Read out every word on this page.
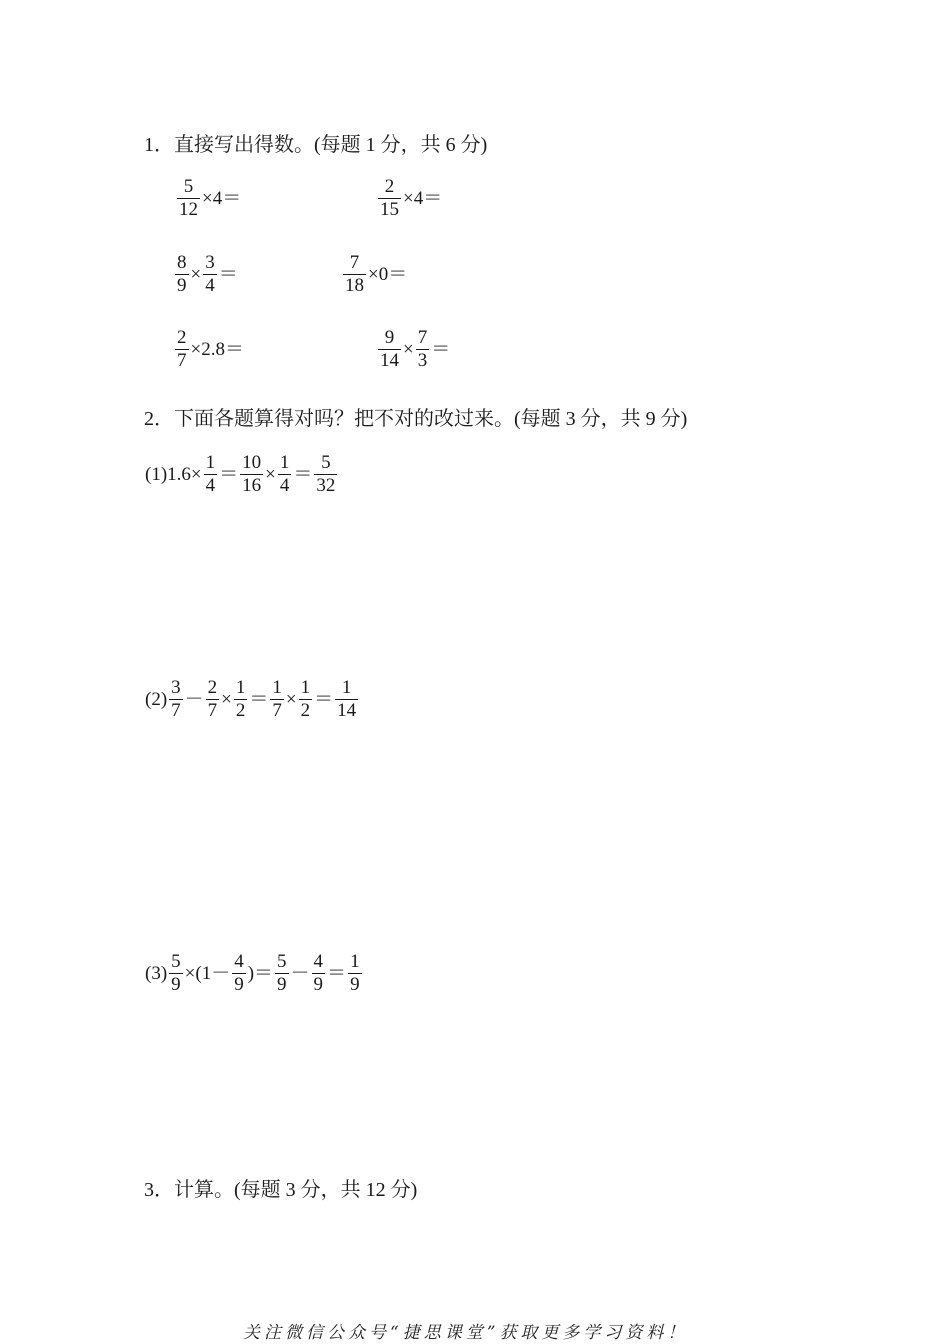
1．直接写出得数。(每题 1 分，共 6 分)
$\frac{5}{12} \times 4=$	$\frac{2}{15} \times 4=$
$\frac{8}{9} \times \frac{3}{4}$ ＝	$\frac{7}{18} \times 0=$
$\frac{2}{7} \times 2.8=$	$\frac{9}{14} \times \frac{7}{3}$ ＝
2．下面各题算得对吗？把不对的改过来。(每题 3 分，共 9 分)
$(1)1.6\times \frac{1}{4} = \frac{10}{16} \times \frac{1}{4} = \frac{5}{32}$
$(2) \frac{3}{7} - \frac{2}{7} \times \frac{1}{2} = \frac{1}{7} \times \frac{1}{2} = \frac{1}{14}$
$(3) \frac{5}{9} \times(1- \frac{4}{9}$ )＝ $\frac{5}{9} - \frac{4}{9} = \frac{1}{9}$
3．计算。(每题 3 分，共 12 分)
关注微信公众号“捷思课堂”获取更多学习资料！
